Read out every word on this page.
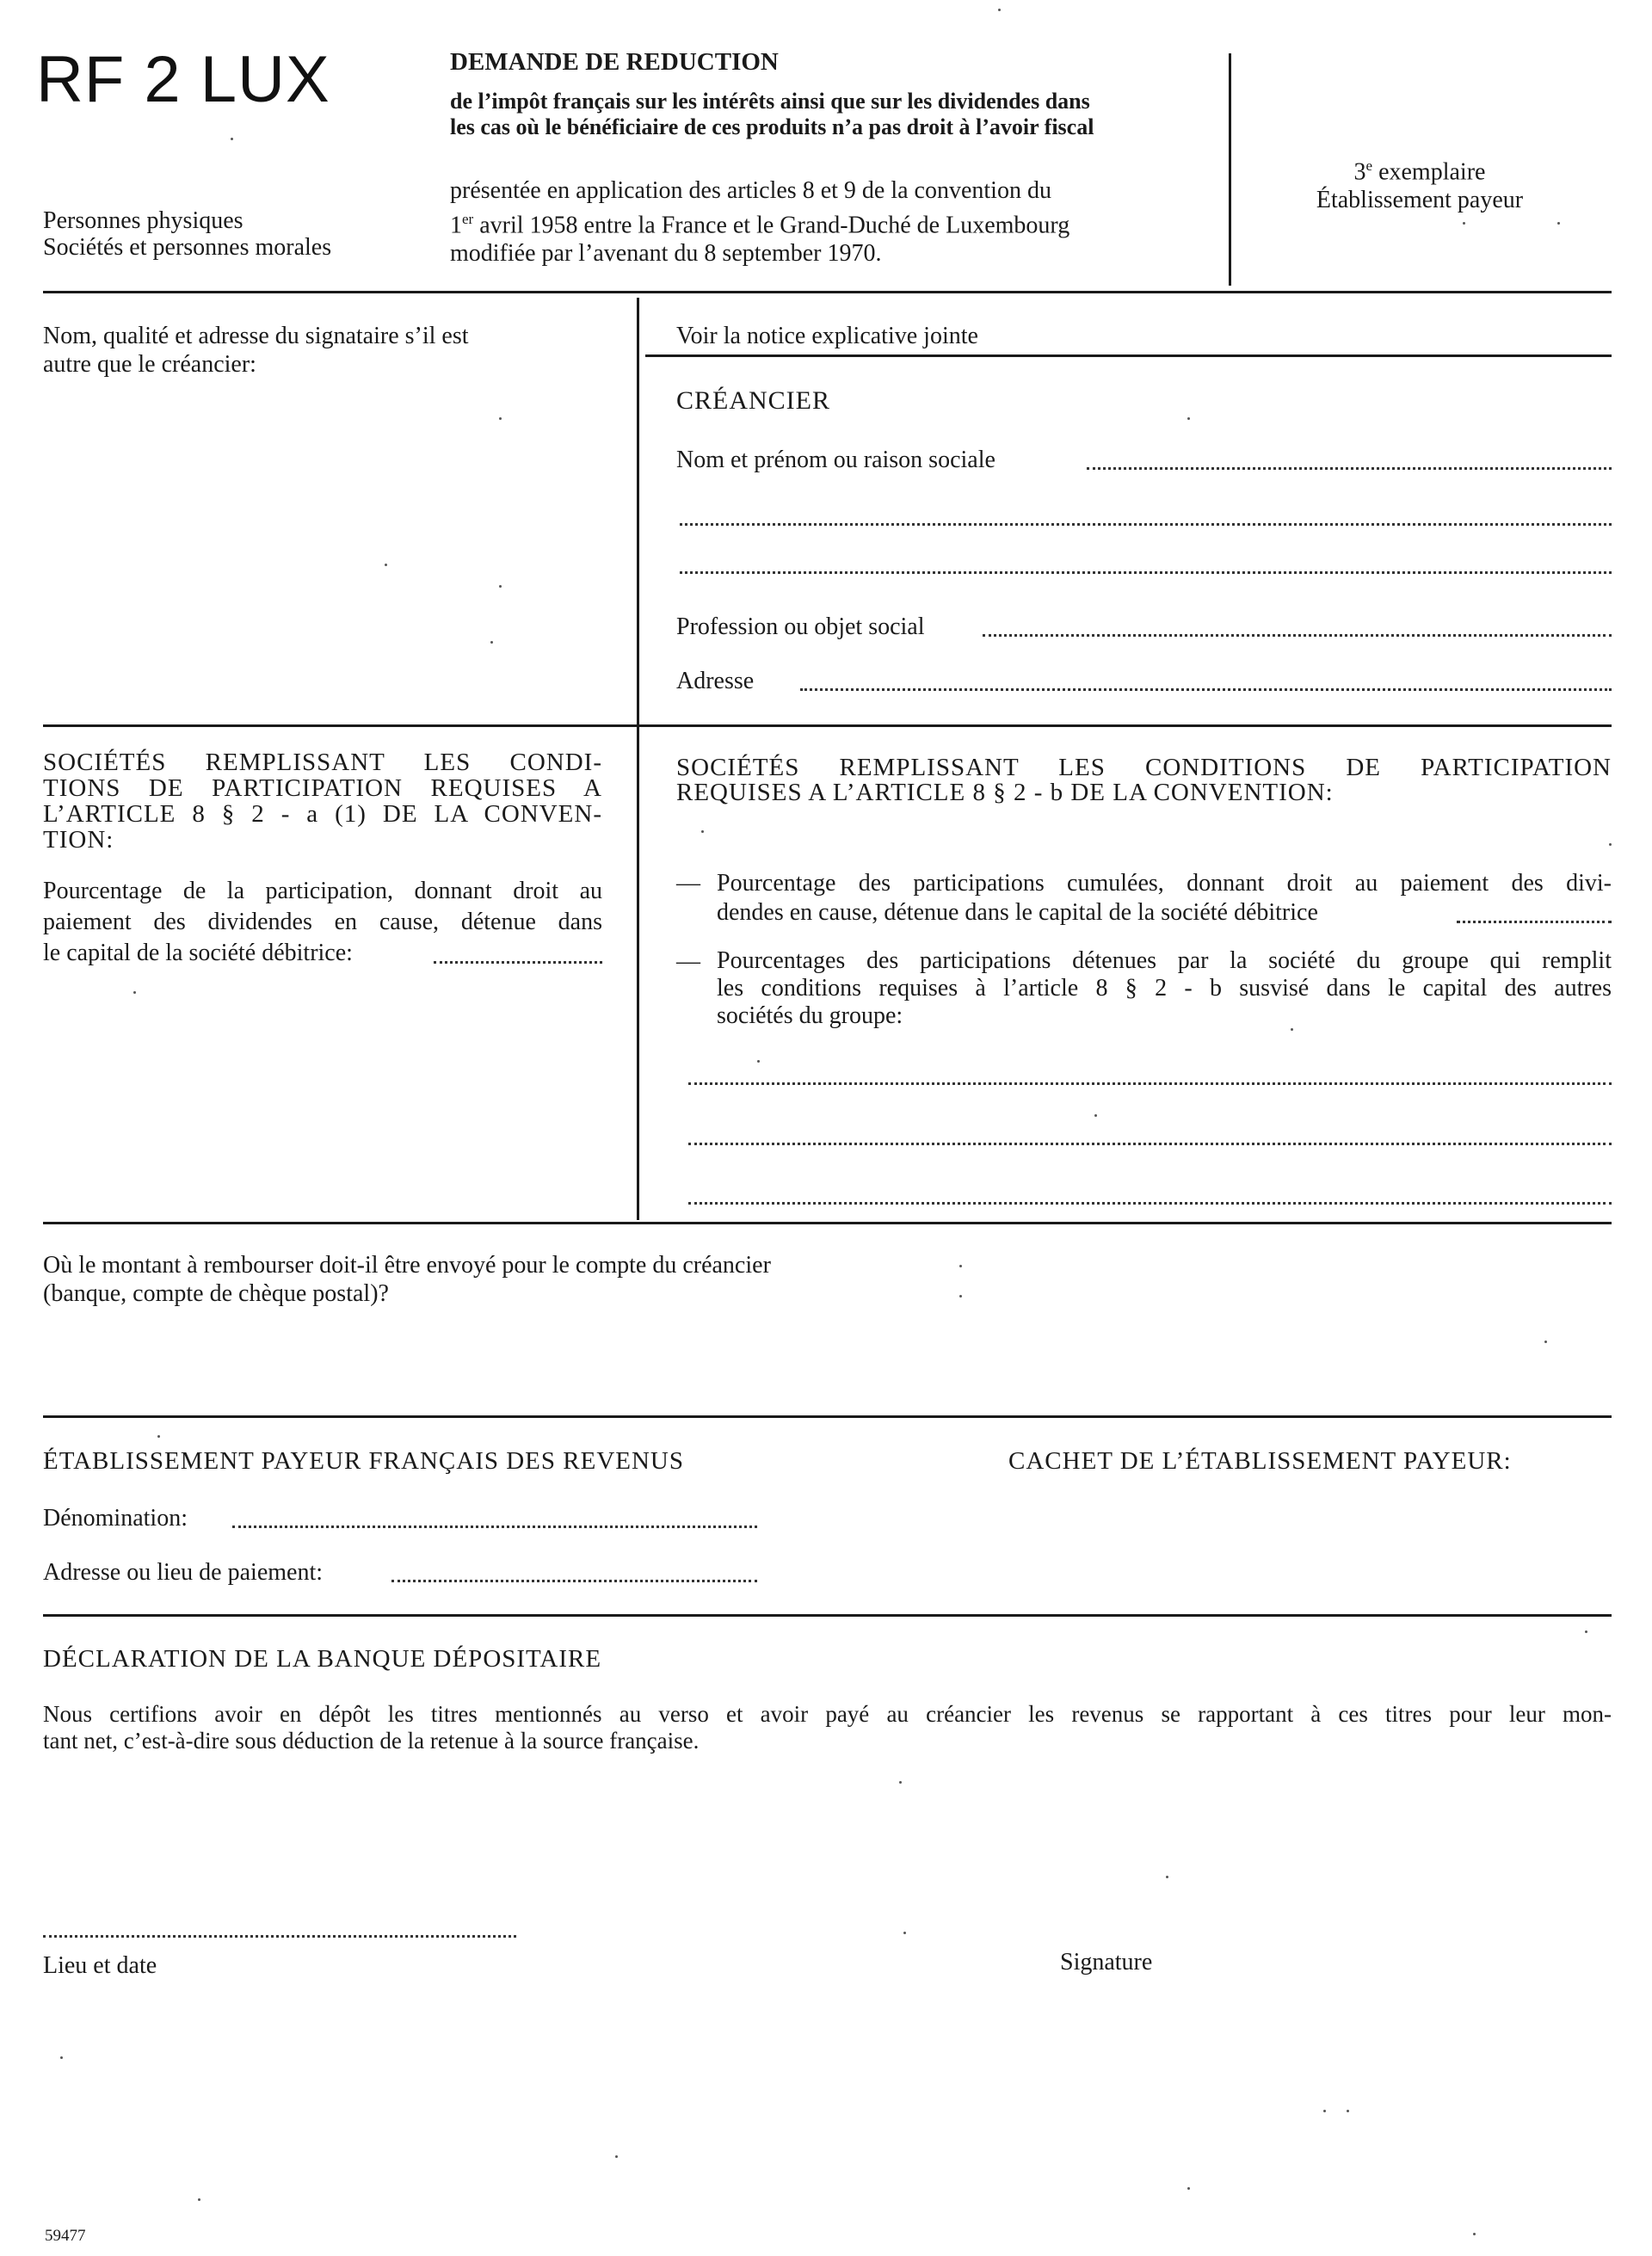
RF 2 LUX
Personnes physiques
Sociétés et personnes morales
DEMANDE DE REDUCTION
de l’impôt français sur les intérêts ainsi que sur les dividendes dans
les cas où le bénéficiaire de ces produits n’a pas droit à l’avoir fiscal
présentée en application des articles 8 et 9 de la convention du
1er avril 1958 entre la France et le Grand-Duché de Luxembourg
modifiée par l’avenant du 8 september 1970.
3e exemplaire
Établissement payeur
Nom, qualité et adresse du signataire s’il est
autre que le créancier:
Voir la notice explicative jointe
CRÉANCIER
Nom et prénom ou raison sociale
Profession ou objet social
Adresse
SOCIÉTÉS REMPLISSANT LES CONDI-
TIONS DE PARTICIPATION REQUISES A
L’ARTICLE 8 § 2 - a (1) DE LA CONVEN-
TION:
Pourcentage de la participation, donnant droit au
paiement des dividendes en cause, détenue dans
le capital de la société débitrice:
SOCIÉTÉS REMPLISSANT LES CONDITIONS DE PARTICIPATION
REQUISES A L’ARTICLE 8 § 2 - b DE LA CONVENTION:
— Pourcentage des participations cumulées, donnant droit au paiement des divi-
dendes en cause, détenue dans le capital de la société débitrice
— Pourcentages des participations détenues par la société du groupe qui remplit
les conditions requises à l’article 8 § 2 - b susvisé dans le capital des autres
sociétés du groupe:
Où le montant à rembourser doit-il être envoyé pour le compte du créancier
(banque, compte de chèque postal)?
ÉTABLISSEMENT PAYEUR FRANÇAIS DES REVENUS	CACHET DE L’ÉTABLISSEMENT PAYEUR:
Dénomination:
Adresse ou lieu de paiement:
DÉCLARATION DE LA BANQUE DÉPOSITAIRE
Nous certifions avoir en dépôt les titres mentionnés au verso et avoir payé au créancier les revenus se rapportant à ces titres pour leur mon-
tant net, c’est-à-dire sous déduction de la retenue à la source française.
Lieu et date	Signature
59477
